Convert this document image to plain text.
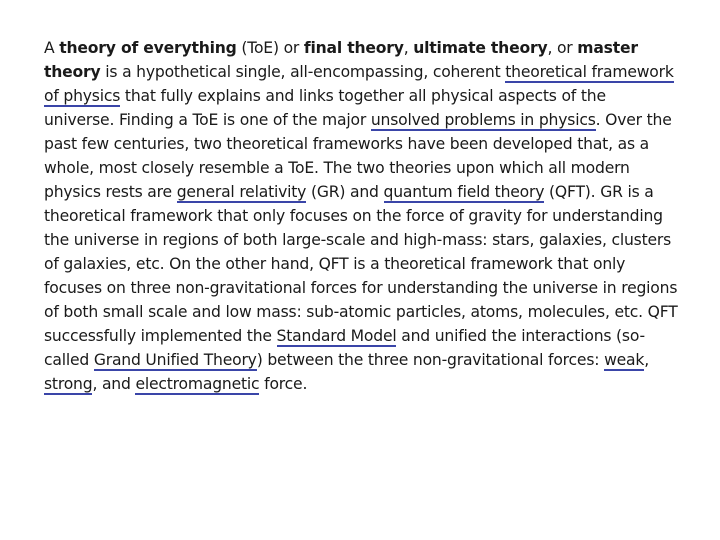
A theory of everything (ToE) or final theory, ultimate theory, or master theory is a hypothetical single, all-encompassing, coherent theoretical framework of physics that fully explains and links together all physical aspects of the universe. Finding a ToE is one of the major unsolved problems in physics. Over the past few centuries, two theoretical frameworks have been developed that, as a whole, most closely resemble a ToE. The two theories upon which all modern physics rests are general relativity (GR) and quantum field theory (QFT). GR is a theoretical framework that only focuses on the force of gravity for understanding the universe in regions of both large-scale and high-mass: stars, galaxies, clusters of galaxies, etc. On the other hand, QFT is a theoretical framework that only focuses on three non-gravitational forces for understanding the universe in regions of both small scale and low mass: sub-atomic particles, atoms, molecules, etc. QFT successfully implemented the Standard Model and unified the interactions (so-called Grand Unified Theory) between the three non-gravitational forces: weak, strong, and electromagnetic force.
